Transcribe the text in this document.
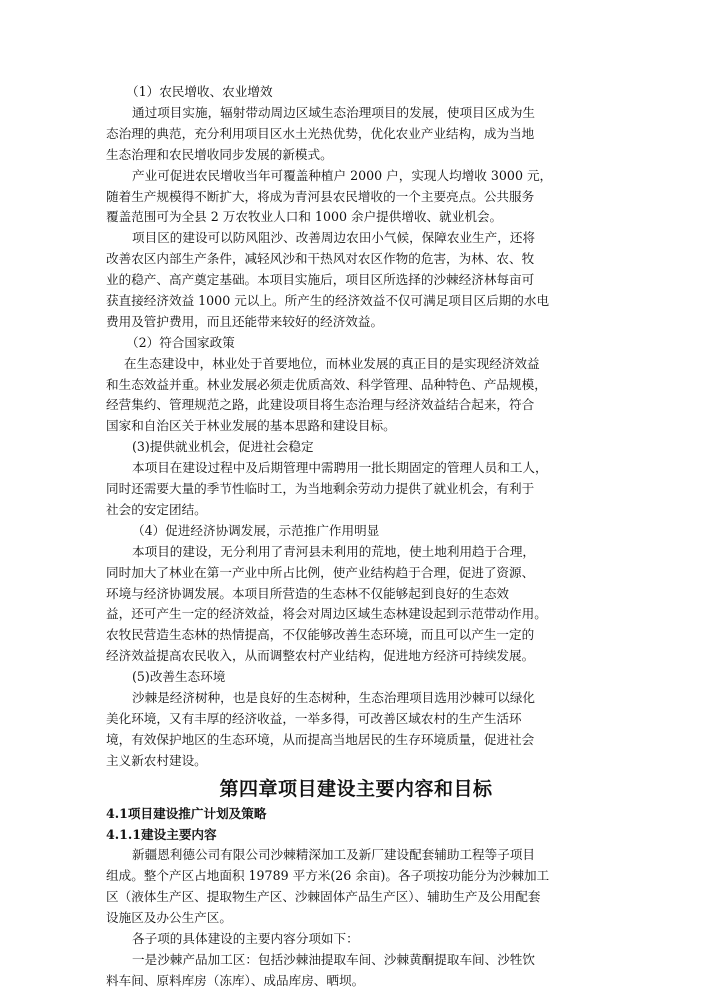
（1）农民增收、农业增效
通过项目实施，辐射带动周边区域生态治理项目的发展，使项目区成为生
态治理的典范，充分利用项目区水土光热优势，优化农业产业结构，成为当地
生态治理和农民增收同步发展的新模式。
产业可促进农民增收当年可覆盖种植户 2000 户，实现人均增收 3000 元，
随着生产规模得不断扩大，将成为青河县农民增收的一个主要亮点。公共服务
覆盖范围可为全县 2 万农牧业人口和 1000 余户提供增收、就业机会。
项目区的建设可以防风阻沙、改善周边农田小气候，保障农业生产，还将
改善农区内部生产条件，减轻风沙和干热风对农区作物的危害，为林、农、牧
业的稳产、高产奠定基础。本项目实施后，项目区所选择的沙棘经济林每亩可
获直接经济效益 1000 元以上。所产生的经济效益不仅可满足项目区后期的水电
费用及管护费用，而且还能带来较好的经济效益。
（2）符合国家政策
在生态建设中，林业处于首要地位，而林业发展的真正目的是实现经济效益
和生态效益并重。林业发展必须走优质高效、科学管理、品种特色、产品规模，
经营集约、管理规范之路，此建设项目将生态治理与经济效益结合起来，符合
国家和自治区关于林业发展的基本思路和建设目标。
(3)提供就业机会，促进社会稳定
本项目在建设过程中及后期管理中需聘用一批长期固定的管理人员和工人，
同时还需要大量的季节性临时工，为当地剩余劳动力提供了就业机会，有利于
社会的安定团结。
（4）促进经济协调发展，示范推广作用明显
本项目的建设，无分利用了青河县未利用的荒地，使土地利用趋于合理，
同时加大了林业在第一产业中所占比例，使产业结构趋于合理，促进了资源、
环境与经济协调发展。本项目所营造的生态林不仅能够起到良好的生态效
益，还可产生一定的经济效益，将会对周边区域生态林建设起到示范带动作用。
农牧民营造生态林的热情提高，不仅能够改善生态环境，而且可以产生一定的
经济效益提高农民收入，从而调整农村产业结构，促进地方经济可持续发展。
(5)改善生态环境
第四章项目建设主要内容和目标
4.1项目建设推广计划及策略
4.1.1建设主要内容
新疆恩利德公司有限公司沙棘精深加工及新厂建设配套辅助工程等子项目
组成。整个产区占地面积 19789 平方米(26 余亩)。各子项按功能分为沙棘加工
区（液体生产区、提取物生产区、沙棘固体产品生产区）、辅助生产及公用配套
设施区及办公生产区。
各子项的具体建设的主要内容分项如下：
一是沙棘产品加工区：包括沙棘油提取车间、沙棘黄酮提取车间、沙牲饮
料车间、原料库房（冻库）、成品库房、晒坝。
沙棘是经济树种，也是良好的生态树种，生态治理项目选用沙棘可以绿化
美化环境，又有丰厚的经济收益，一举多得，可改善区域农村的生产生活环
境，有效保护地区的生态环境，从而提高当地居民的生存环境质量，促进社会
主义新农村建设。
